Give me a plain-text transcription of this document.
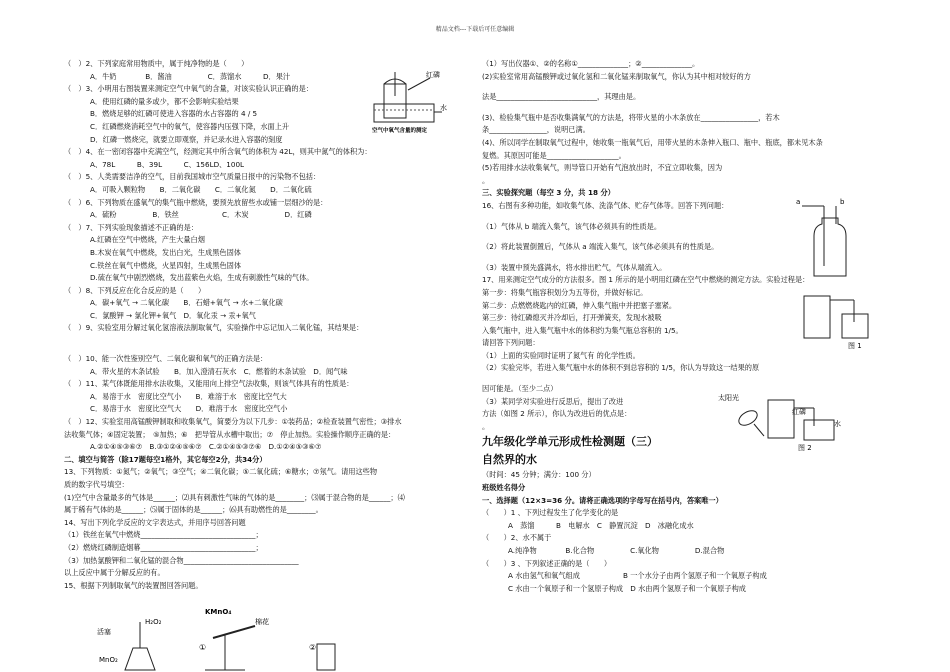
精品文档---下载后可任意编辑
（　）2、下列家庭常用物质中，属于纯净物的是（　　）
A．牛奶　　　　B．酱油　　　　　C．蒸馏水　　　D．果汁
（　）3、小明用右图装置来测定空气中氧气的含量，对该实验认识正确的是：
A．使用红磷的量多或少，都不会影响实验结果
B．燃烧足够的红磷可使进入容器的水占容器的 4 / 5
C．红磷燃烧消耗空气中的氧气，使容器内压强下降，水面上升
D．红磷一燃烧完，就要立即观察，并记录水进入容器的刻度
（　）4、在一密闭容器中充满空气，经测定其中所含氧气的体积为 42L，则其中氮气的体积为：
A、78L　　　B、39L　　　C、156LD、100L
（　）5、人类需要洁净的空气，目前我国城市空气质量日报中的污染物不包括：
A．可吸入颗粒物　　B．二氧化碳　　C．二氧化氮　　D．二氧化硫
（　）6、下列物质在盛氧气的集气瓶中燃烧，要预先放留些水或铺一层细沙的是：
A．硫粉　　　　　B．铁丝　　　　　　C．木炭　　　　　D．红磷
（　）7、下列实验现象描述不正确的是：
A.红磷在空气中燃烧，产生大量白烟
B.木炭在氧气中燃烧，发出白光，生成黑色固体
C.铁丝在氧气中燃烧，火星四射，生成黑色固体
D.硫在氧气中剧烈燃烧，发出蓝紫色火焰，生成有刺激性气味的气体。
（　）8、下列反应在化合反应的是（　　）
A．碳+氧气 → 二氧化碳　　B．石蜡+氧气 → 水+二氧化碳
C．氯酸钾 → 氯化钾+氧气　D．氧化汞 → 汞+氧气
（　）9、实验室用分解过氧化氢溶液法制取氧气，实验操作中忘记加入二氧化锰，其结果是：
（　）10、能一次性鉴别空气、二氧化碳和氧气的正确方法是：
A．带火星的木条试验　　B．加入澄清石灰水　C．燃着的木条试验　D．闻气味
（　）11、某气体既能用排水法收集，又能用向上排空气法收集，则该气体具有的性质是：
A．易溶于水　密度比空气小　　B．难溶于水　密度比空气大
C．易溶于水　密度比空气大　　D．难溶于水　密度比空气小
（　）12、实验室用高锰酸钾制取和收集氧气，简要分为以下几步：①装药品；②检查装置气密性；③排水
法收集气体；④固定装置；　⑤加热；⑥　把导管从水槽中取出；⑦　停止加热。实验操作顺序正确的是：
A.②①④⑤③⑥⑦　B.③①②④⑤⑥⑦　C.②①④⑤③⑦⑥　D.①②④⑤③⑥⑦
二、填空与简答（除17题每空1格外，其它每空2分，共34分）
13、下列物质：①氮气；②氧气；③空气；④二氧化碳；⑤二氧化硫；⑥糖水；⑦氖气。请用这些物
质的数字代号填空：
(1)空气中含量最多的气体是______；⑵具有刺激性气味的气体的是________；⑶属于混合物的是______；⑷
属于稀有气体的是______；⑸属于固体的是______；⑹具有助燃性的是________。
14、写出下列化学反应的文字表达式，并用序号回答问题
（1）铁丝在氧气中燃烧________________________________；
（2）燃烧红磷制造烟幕________________________________；
（3）加热氯酸钾和二氧化锰的混合物________________________________
以上反应中属于分解反应的有。
15、根据下列制取氧气的装置图回答问题。
（1）写出仪器①、②的名称①______________；②______________。
(2)实验室常用高锰酸钾或过氧化氢和二氧化锰来制取氧气，你认为其中相对较好的方
法是____________________________，其理由是。
(3)、检验集气瓶中是否收集满氧气的方法是，将带火星的小木条放在________________，若木
条________________，说明已满。
(4)、所以同学在制取氧气过程中，她收集一瓶氧气后，用带火星的木条伸入瓶口、瓶中、瓶底，都未见木条
复燃。其原因可能是____________________。
(5)若用排水法收集氧气，则导管口开始有气泡放出时，不宜立即收集，因为
。
三、实验探究题（每空 3 分，共 18 分）
16、右图有多种功能，如收集气体、洗涤气体、贮存气体等。回答下列问题：
（1）气体从 b 端流入集气，该气体必须具有的性质是。
（2）将此装置倒置后，气体从 a 端流入集气，该气体必须具有的性质是。
（3）装置中预先盛满水，将水排出贮气，气体从端流入。
17、用来测定空气成分的方法很多。图 1 所示的是小明用红磷在空气中燃烧的测定方法。实验过程是：
第一步：将集气瓶容积划分为五等份，并做好标记。
第二步：点燃燃烧匙内的红磷，伸入集气瓶中并把塞子塞紧。
第三步：待红磷熄灭并冷却后，打开弹簧夹，发现水被吸
入集气瓶中，进入集气瓶中水的体积约为集气瓶总容积的 1/5。
请回答下列问题：
（1）上面的实验同时证明了氮气有 的化学性质。
（2）实验完毕，若进入集气瓶中水的体积不到总容积的 1/5，你认为导致这一结果的原
因可能是。（至少二点）
（3）某同学对实验进行反思后，提出了改进
方法（如图 2 所示），你认为改进后的优点是：
。
九年级化学单元形成性检测题（三）
自然界的水
（时间：45 分钟；满分：100 分）
班级姓名得分
一、选择题（12×3=36 分。请将正确选项的字母写在括号内，答案唯一）
（　　）1 、下列过程发生了化学变化的是
A　蒸馏　　　B　电解水　C　静置沉淀　D　冰融化成水
（　　）2、水不属于
A.纯净物　　　　B.化合物　　　　　C.氧化物　　　　　D.混合物
（　　）3 、下列叙述正确的是（　　）
A 水由氢气和氧气组成　　　　　　B 一个水分子由两个氢原子和一个氧原子构成
C 水由一个氧原子和一个氢原子构成　D 水由两个氢原子和一个氧原子构成
红磷
水
空气中氧气含量的测定
活塞
H₂O₂
MnO₂
KMnO₄
棉花
①	②
a	b
图 1
太阳光
红磷
水
图 2
